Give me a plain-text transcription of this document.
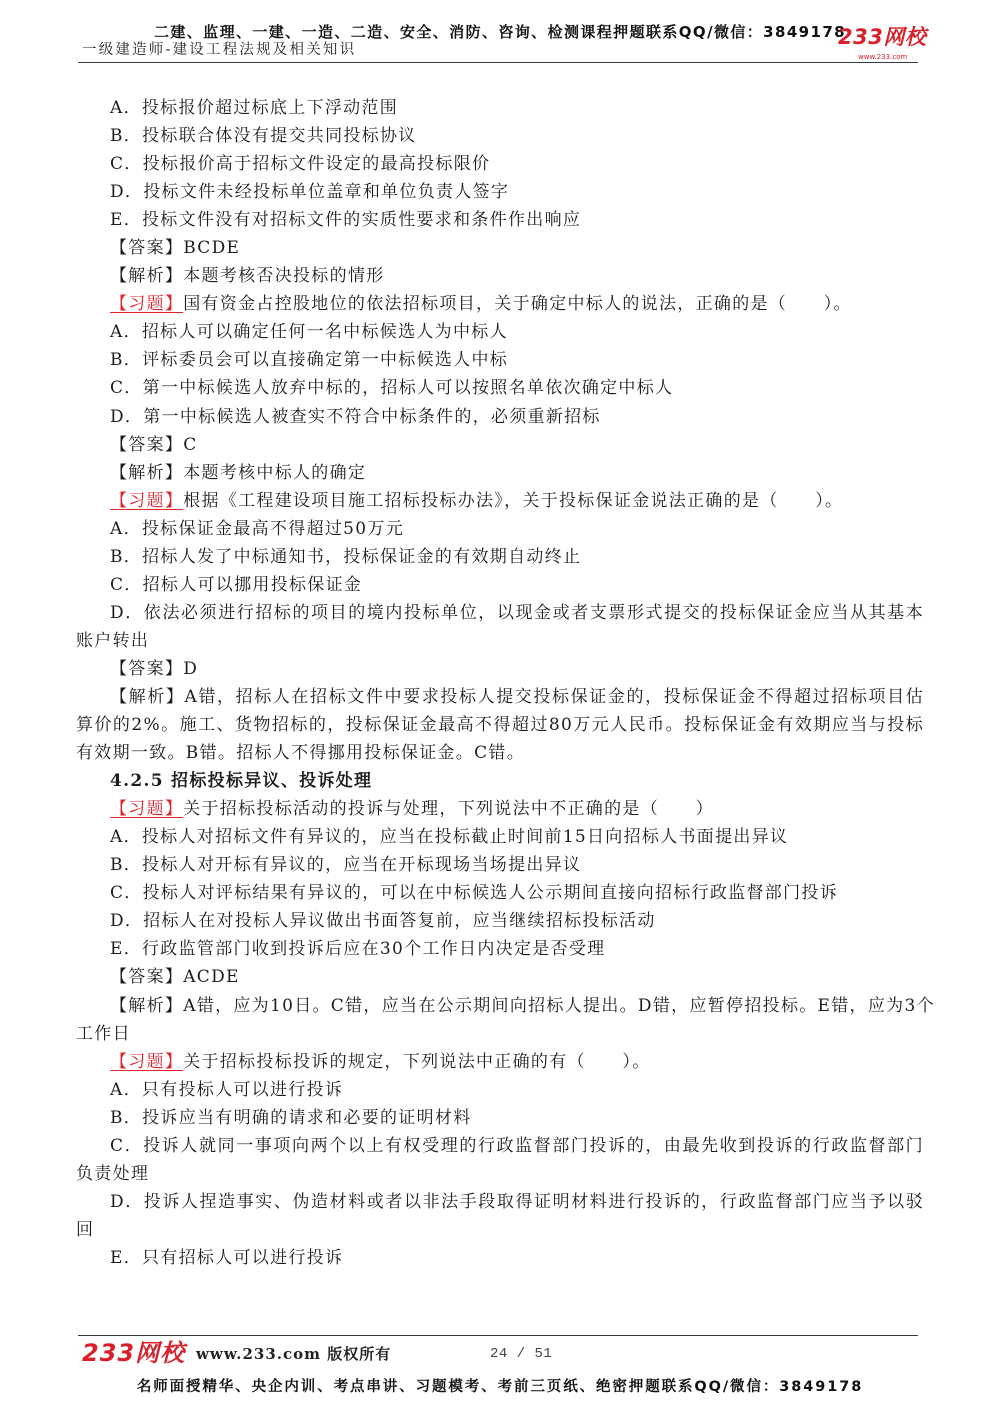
二建、监理、一建、一造、二造、安全、消防、咨询、检测课程押题联系QQ/微信：3849178
一级建造师-建设工程法规及相关知识
233网校
www.233.com
A．投标报价超过标底上下浮动范围
B．投标联合体没有提交共同投标协议
C．投标报价高于招标文件设定的最高投标限价
D．投标文件未经投标单位盖章和单位负责人签字
E．投标文件没有对招标文件的实质性要求和条件作出响应
【答案】BCDE
【解析】本题考核否决投标的情形
【习题】国有资金占控股地位的依法招标项目，关于确定中标人的说法，正确的是（　　）。
A．招标人可以确定任何一名中标候选人为中标人
B．评标委员会可以直接确定第一中标候选人中标
C．第一中标候选人放弃中标的，招标人可以按照名单依次确定中标人
D．第一中标候选人被查实不符合中标条件的，必须重新招标
【答案】C
【解析】本题考核中标人的确定
【习题】根据《工程建设项目施工招标投标办法》，关于投标保证金说法正确的是（　　）。
A．投标保证金最高不得超过50万元
B．招标人发了中标通知书，投标保证金的有效期自动终止
C．招标人可以挪用投标保证金
D．依法必须进行招标的项目的境内投标单位，以现金或者支票形式提交的投标保证金应当从其基本
账户转出
【答案】D
【解析】A错，招标人在招标文件中要求投标人提交投标保证金的，投标保证金不得超过招标项目估
算价的2%。施工、货物招标的，投标保证金最高不得超过80万元人民币。投标保证金有效期应当与投标
有效期一致。B错。招标人不得挪用投标保证金。C错。
4.2.5 招标投标异议、投诉处理
【习题】关于招标投标活动的投诉与处理，下列说法中不正确的是（　　）
A．投标人对招标文件有异议的，应当在投标截止时间前15日向招标人书面提出异议
B．投标人对开标有异议的，应当在开标现场当场提出异议
C．投标人对评标结果有异议的，可以在中标候选人公示期间直接向招标行政监督部门投诉
D．招标人在对投标人异议做出书面答复前，应当继续招标投标活动
E．行政监管部门收到投诉后应在30个工作日内决定是否受理
【答案】ACDE
【解析】A错，应为10日。C错，应当在公示期间向招标人提出。D错，应暂停招投标。E错，应为3个
工作日
【习题】关于招标投标投诉的规定，下列说法中正确的有（　　）。
A．只有投标人可以进行投诉
B．投诉应当有明确的请求和必要的证明材料
C．投诉人就同一事项向两个以上有权受理的行政监督部门投诉的，由最先收到投诉的行政监督部门
负责处理
D．投诉人捏造事实、伪造材料或者以非法手段取得证明材料进行投诉的，行政监督部门应当予以驳
回
E．只有招标人可以进行投诉
233网校 www.233.com 版权所有	24 / 51
名师面授精华、央企内训、考点串讲、习题模考、考前三页纸、绝密押题联系QQ/微信：3849178
